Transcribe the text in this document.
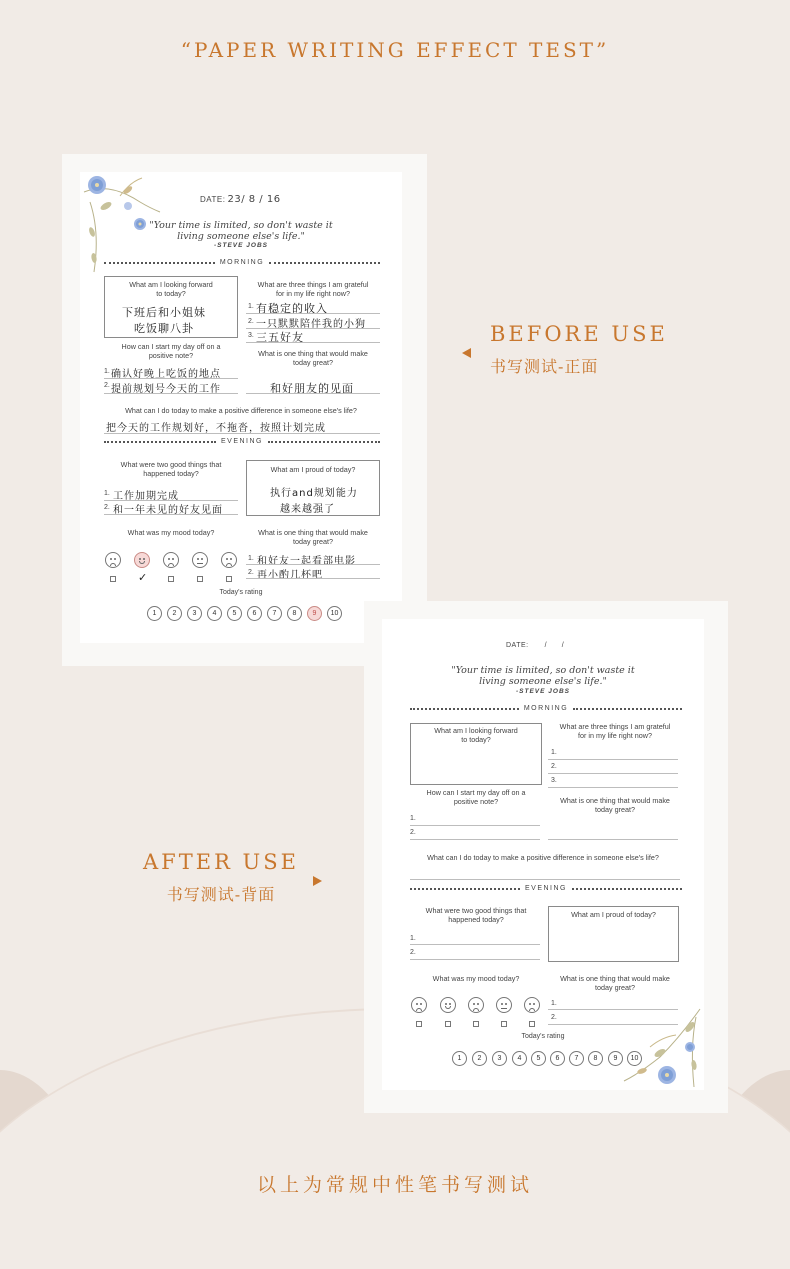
“PAPER WRITING EFFECT TEST”
DATE: 23/ 8 / 16
"Your time is limited, so don't waste it
living someone else's life."
-STEVE JOBS
MORNING
What am I looking forward
to today?
下班后和小姐妹
吃饭聊八卦
What are three things I am grateful
for in my life right now?
1. 有稳定的收入
2. 一只默默陪伴我的小狗
3. 三五好友
How can I start my day off on a
positive note?
1. 确认好晚上吃饭的地点
2. 提前规划号今天的工作
What is one thing that would make
today great?
和好朋友的见面
What can I do today to make a positive difference in someone else's life?
把今天的工作规划好，不拖沓，按照计划完成
EVENING
What were two good things that
happened today?
1. 工作加期完成
2. 和一年未见的好友见面
What am I proud of today?
执行and规划能力
越来越强了
What was my mood today?
✓
What is one thing that would make
today great?
1. 和好友一起看部电影
2. 再小酌几杯吧
Today's rating
1	2	3	4	5	6	7	8	9	10
DATE: /      /
"Your time is limited, so don't waste it
living someone else's life."
-STEVE JOBS
MORNING
What am I looking forward
to today?
What are three things I am grateful
for in my life right now?
1.
2.
3.
How can I start my day off on a
positive note?
1.
2.
What is one thing that would make
today great?
What can I do today to make a positive difference in someone else's life?
EVENING
What were two good things that
happened today?
1.
2.
What am I proud of today?
What was my mood today?	What is one thing that would make
today great?
1.
2.
Today's rating
1	2	3	4	5	6	7	8	9	10
BEFORE USE
书写测试-正面
AFTER USE
书写测试-背面
以上为常规中性笔书写测试
